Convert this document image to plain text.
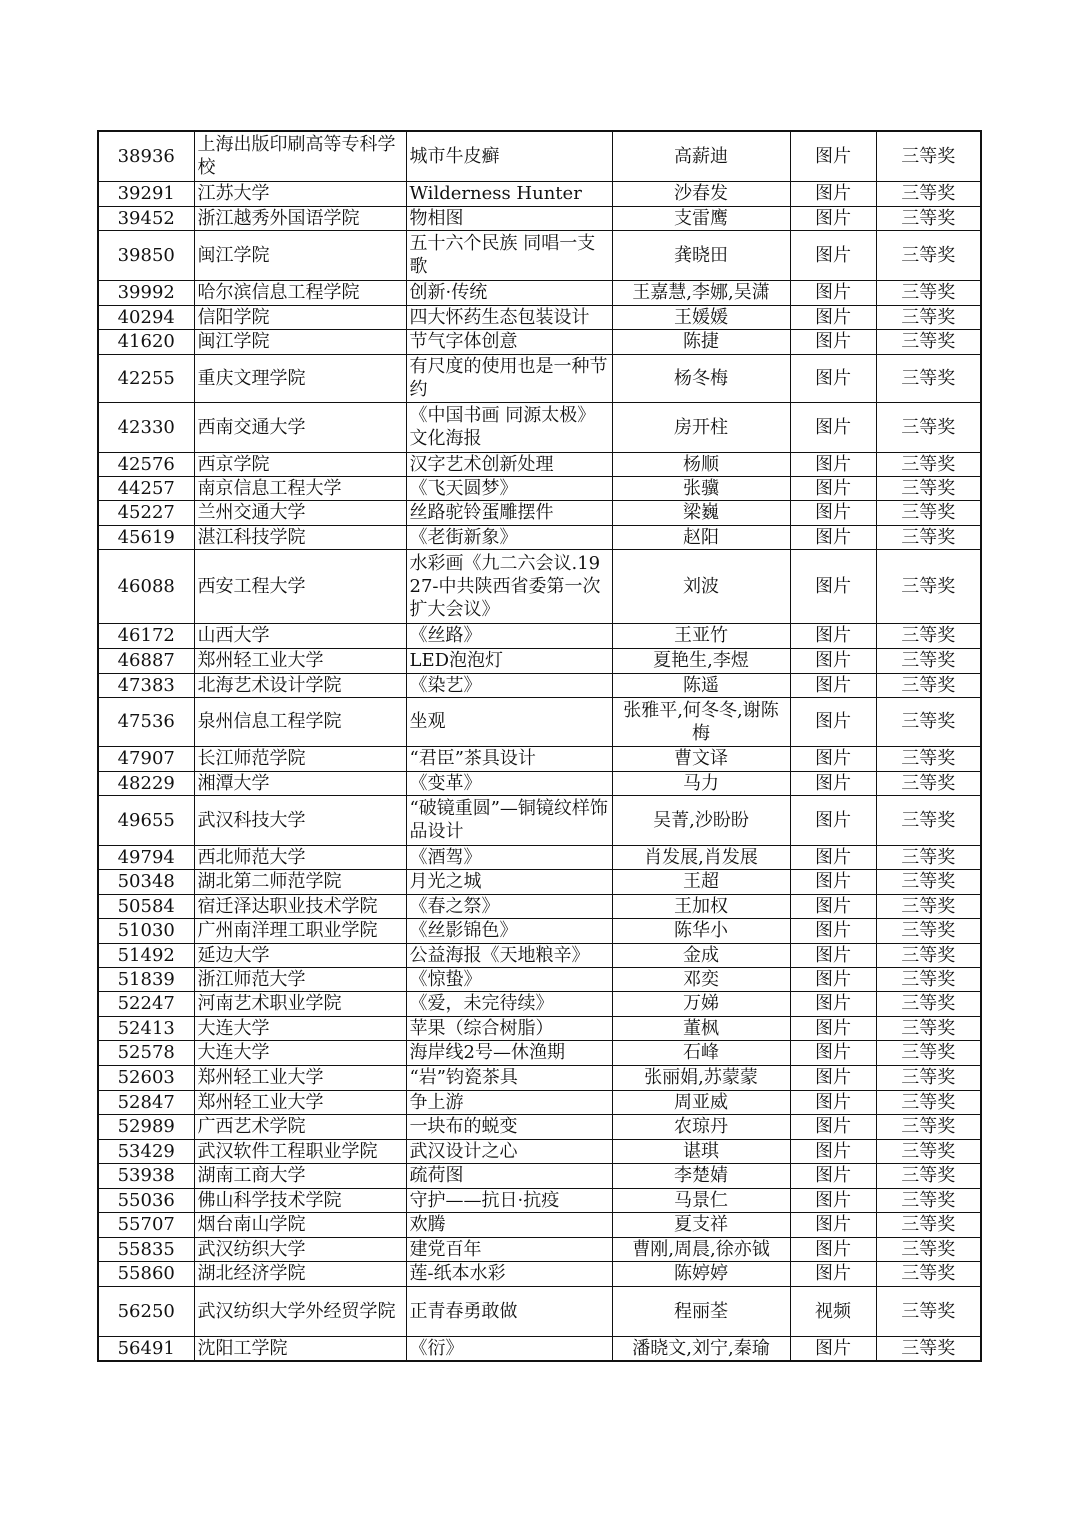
38936	上海出版印刷高等专科学校	城市牛皮癣	高薪迪	图片	三等奖
39291	江苏大学	Wilderness Hunter	沙春发	图片	三等奖
39452	浙江越秀外国语学院	物相图	支雷鹰	图片	三等奖
39850	闽江学院	五十六个民族 同唱一支歌	龚晓田	图片	三等奖
39992	哈尔滨信息工程学院	创新·传统	王嘉慧,李娜,吴潇	图片	三等奖
40294	信阳学院	四大怀药生态包装设计	王媛媛	图片	三等奖
41620	闽江学院	节气字体创意	陈捷	图片	三等奖
42255	重庆文理学院	有尺度的使用也是一种节约	杨冬梅	图片	三等奖
42330	西南交通大学	《中国书画 同源太极》文化海报	房开柱	图片	三等奖
42576	西京学院	汉字艺术创新处理	杨顺	图片	三等奖
44257	南京信息工程大学	《飞天圆梦》	张骥	图片	三等奖
45227	兰州交通大学	丝路驼铃蛋雕摆件	梁巍	图片	三等奖
45619	湛江科技学院	《老街新象》	赵阳	图片	三等奖
46088	西安工程大学	水彩画《九二六会议.1927-中共陕西省委第一次扩大会议》	刘波	图片	三等奖
46172	山西大学	《丝路》	王亚竹	图片	三等奖
46887	郑州轻工业大学	LED泡泡灯	夏艳生,李煜	图片	三等奖
47383	北海艺术设计学院	《染艺》	陈遥	图片	三等奖
47536	泉州信息工程学院	坐观	张雅平,何冬冬,谢陈梅	图片	三等奖
47907	长江师范学院	“君臣”茶具设计	曹文译	图片	三等奖
48229	湘潭大学	《变革》	马力	图片	三等奖
49655	武汉科技大学	“破镜重圆”—铜镜纹样饰品设计	吴菁,沙盼盼	图片	三等奖
49794	西北师范大学	《酒驾》	肖发展,肖发展	图片	三等奖
50348	湖北第二师范学院	月光之城	王超	图片	三等奖
50584	宿迁泽达职业技术学院	《春之祭》	王加权	图片	三等奖
51030	广州南洋理工职业学院	《丝影锦色》	陈华小	图片	三等奖
51492	延边大学	公益海报《天地粮辛》	金成	图片	三等奖
51839	浙江师范大学	《惊蛰》	邓奕	图片	三等奖
52247	河南艺术职业学院	《爱，未完待续》	万娣	图片	三等奖
52413	大连大学	苹果（综合树脂）	董枫	图片	三等奖
52578	大连大学	海岸线2号—休渔期	石峰	图片	三等奖
52603	郑州轻工业大学	“岩”钧瓷茶具	张丽娟,苏蒙蒙	图片	三等奖
52847	郑州轻工业大学	争上游	周亚威	图片	三等奖
52989	广西艺术学院	一块布的蜕变	农琼丹	图片	三等奖
53429	武汉软件工程职业学院	武汉设计之心	谌琪	图片	三等奖
53938	湖南工商大学	疏荷图	李楚婧	图片	三等奖
55036	佛山科学技术学院	守护——抗日·抗疫	马景仁	图片	三等奖
55707	烟台南山学院	欢腾	夏支祥	图片	三等奖
55835	武汉纺织大学	建党百年	曹刚,周晨,徐亦钺	图片	三等奖
55860	湖北经济学院	莲-纸本水彩	陈婷婷	图片	三等奖
56250	武汉纺织大学外经贸学院	正青春勇敢做	程丽荃	视频	三等奖
56491	沈阳工学院	《衍》	潘晓文,刘宁,秦瑜	图片	三等奖
